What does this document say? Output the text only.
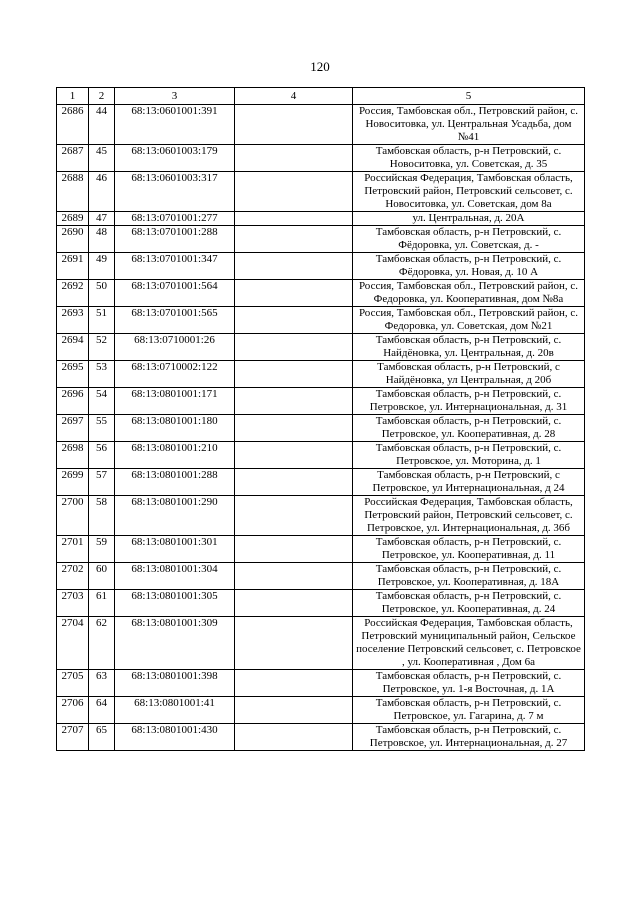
120
1	2	3	4	5
2686	44	68:13:0601001:391		Россия, Тамбовская обл., Петровский район, с. Новоситовка, ул. Центральная Усадьба, дом №41
2687	45	68:13:0601003:179		Тамбовская область, р-н Петровский, с. Новоситовка, ул. Советская, д. 35
2688	46	68:13:0601003:317		Российская Федерация, Тамбовская область, Петровский район, Петровский сельсовет, с. Новоситовка, ул. Советская, дом 8а
2689	47	68:13:0701001:277		ул. Центральная, д. 20А
2690	48	68:13:0701001:288		Тамбовская область, р-н Петровский, с. Фёдоровка, ул. Советская, д. -
2691	49	68:13:0701001:347		Тамбовская область, р-н Петровский, с. Фёдоровка, ул. Новая, д. 10 А
2692	50	68:13:0701001:564		Россия, Тамбовская обл., Петровский район, с. Федоровка, ул. Кооперативная, дом №8а
2693	51	68:13:0701001:565		Россия, Тамбовская обл., Петровский район, с. Федоровка, ул. Советская, дом №21
2694	52	68:13:0710001:26		Тамбовская область, р-н Петровский, с. Найдёновка, ул. Центральная, д. 20в
2695	53	68:13:0710002:122		Тамбовская область, р-н Петровский, с Найдёновка, ул Центральная, д 20б
2696	54	68:13:0801001:171		Тамбовская область, р-н Петровский, с. Петровское, ул. Интернациональная, д. 31
2697	55	68:13:0801001:180		Тамбовская область, р-н Петровский, с. Петровское, ул. Кооперативная, д. 28
2698	56	68:13:0801001:210		Тамбовская область, р-н Петровский, с. Петровское, ул. Моторина, д. 1
2699	57	68:13:0801001:288		Тамбовская область, р-н Петровский, с Петровское, ул Интернациональная, д 24
2700	58	68:13:0801001:290		Российская Федерация, Тамбовская область, Петровский район, Петровский сельсовет, с. Петровское, ул. Интернациональная, д. 36б
2701	59	68:13:0801001:301		Тамбовская область, р-н Петровский, с. Петровское, ул. Кооперативная, д. 11
2702	60	68:13:0801001:304		Тамбовская область, р-н Петровский, с. Петровское, ул. Кооперативная, д. 18А
2703	61	68:13:0801001:305		Тамбовская область, р-н Петровский, с. Петровское, ул. Кооперативная, д. 24
2704	62	68:13:0801001:309		Российская Федерация, Тамбовская область, Петровский муниципальный район, Сельское поселение Петровский сельсовет, с. Петровское , ул. Кооперативная , Дом 6а
2705	63	68:13:0801001:398		Тамбовская область, р-н Петровский, с. Петровское, ул. 1-я Восточная, д. 1А
2706	64	68:13:0801001:41		Тамбовская область, р-н Петровский, с. Петровское, ул. Гагарина, д. 7 м
2707	65	68:13:0801001:430		Тамбовская область, р-н Петровский, с. Петровское, ул. Интернациональная, д. 27
